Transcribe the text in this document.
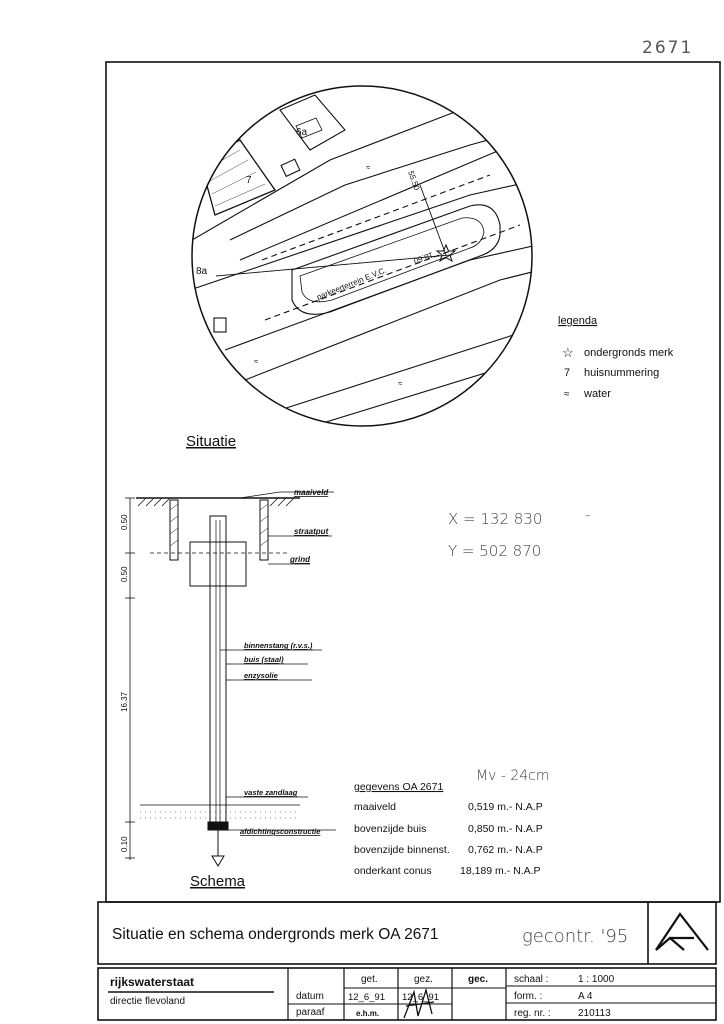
2671
6a
7
8a	parkeerterrein E.V.C.
55.50
18.60
≈
≈
≈
Situatie
legenda
☆ ondergronds merk
7 huisnummering
≈ water
X = 132 830	-
Y = 502 870
maaiveld
straatput
grind
binnenstang (r.v.s.)
buis (staal)
enzysolie
vaste zandlaag
afdichtingsconstructie
0.50
0.50
16.37
0.10
Schema
Mv - 24cm
gegevens OA 2671
maaiveld	0,519 m.- N.A.P
bovenzijde buis	0,850 m.- N.A.P
bovenzijde binnenst. 0,762 m.- N.A.P
onderkant conus	18,189 m.- N.A.P
Situatie en schema ondergronds merk OA 2671	gecontr. '95
rijkswaterstaat
directie flevoland	datum
paraaf
get.	gez.	gec.
12_6_91 12_6_91
e.h.m.
schaal :	1 : 1000
form. :	A 4
reg. nr. :	210113
